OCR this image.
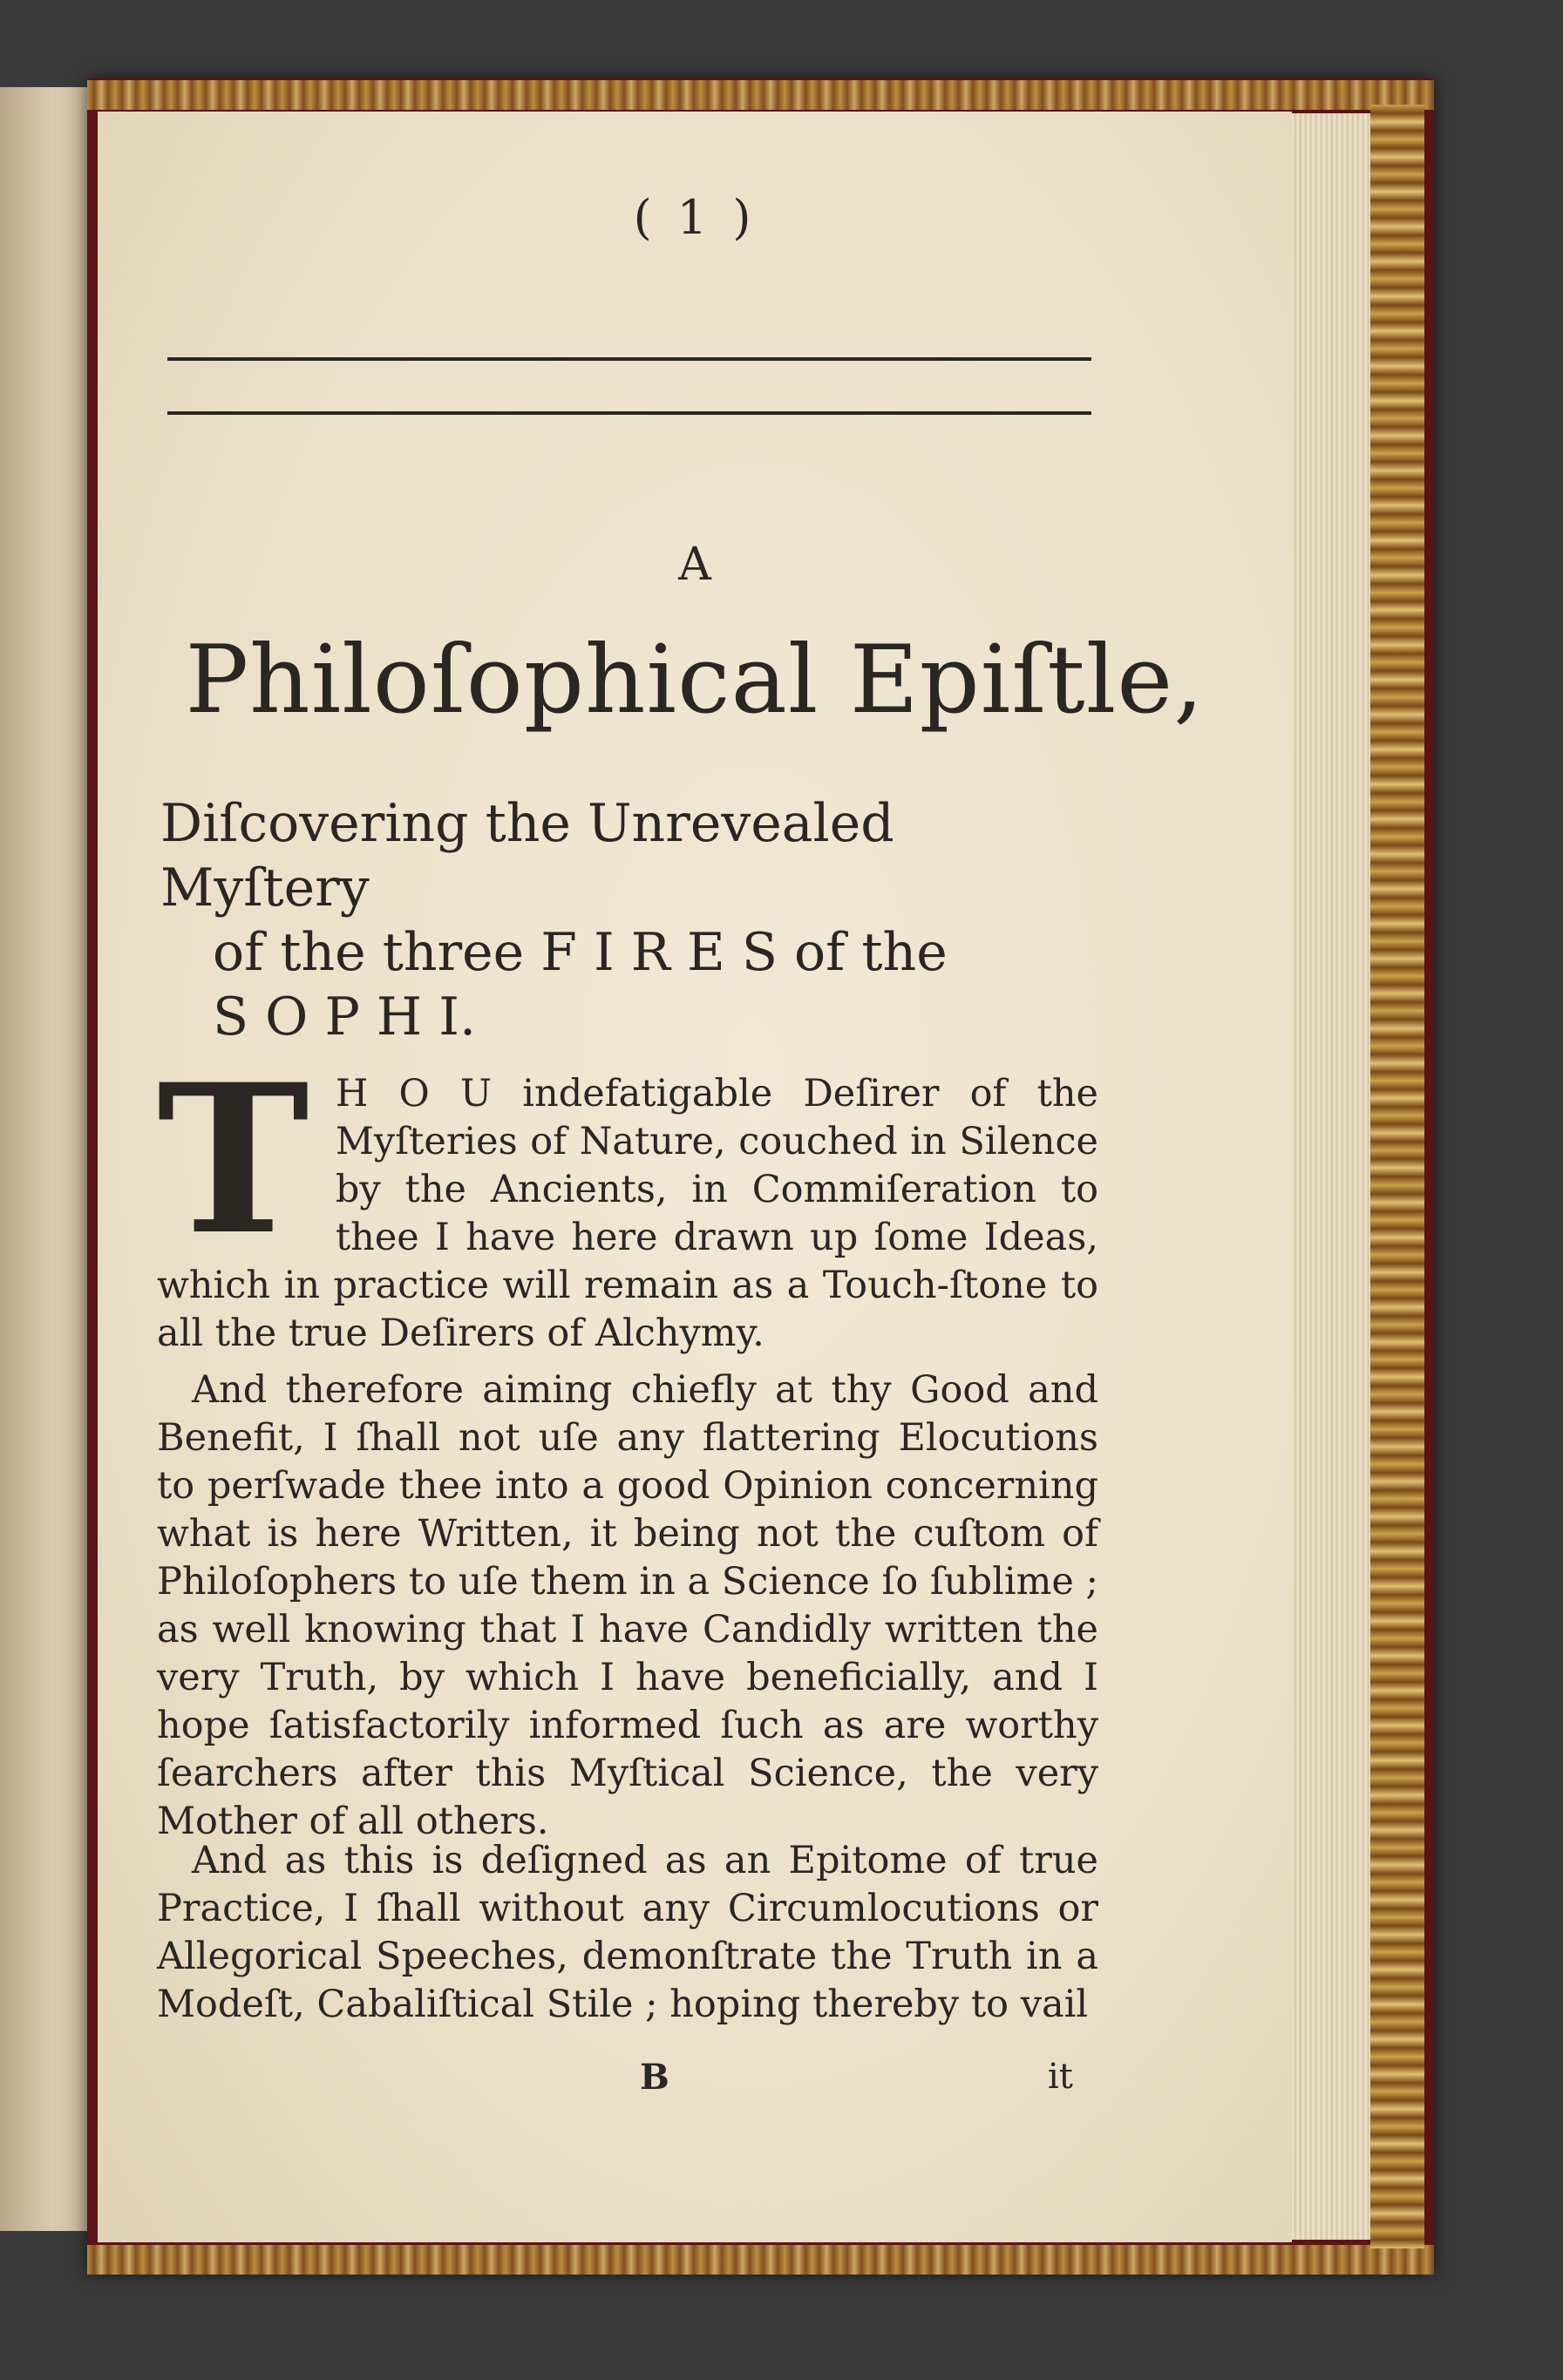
( 1 )
A
Philoſophical Epiſtle,
Diſcovering the Unrevealed Myſtery
of the three F I R E S of the
S O P H I.
T H O U indefatigable Deſirer of the Myſteries of Nature, couched in Silence by the Ancients, in Commiſeration to thee I have here drawn up ſome Ideas, which in practice will remain as a Touch-ſtone to all the true Deſirers of Alchymy.
And therefore aiming chiefly at thy Good and Benefit, I ſhall not uſe any flattering Elocutions to perſwade thee into a good Opinion concerning what is here Written, it being not the cuſtom of Philoſophers to uſe them in a Science ſo ſublime ; as well knowing that I have Candidly written the very Truth, by which I have beneficially, and I hope ſatisfactorily informed ſuch as are worthy ſearchers after this Myſtical Science, the very Mother of all others.
And as this is deſigned as an Epitome of true Practice, I ſhall without any Circumlocutions or Allegorical Speeches, demonſtrate the Truth in a Modeſt, Cabaliſtical Stile ; hoping thereby to vail
B	it
